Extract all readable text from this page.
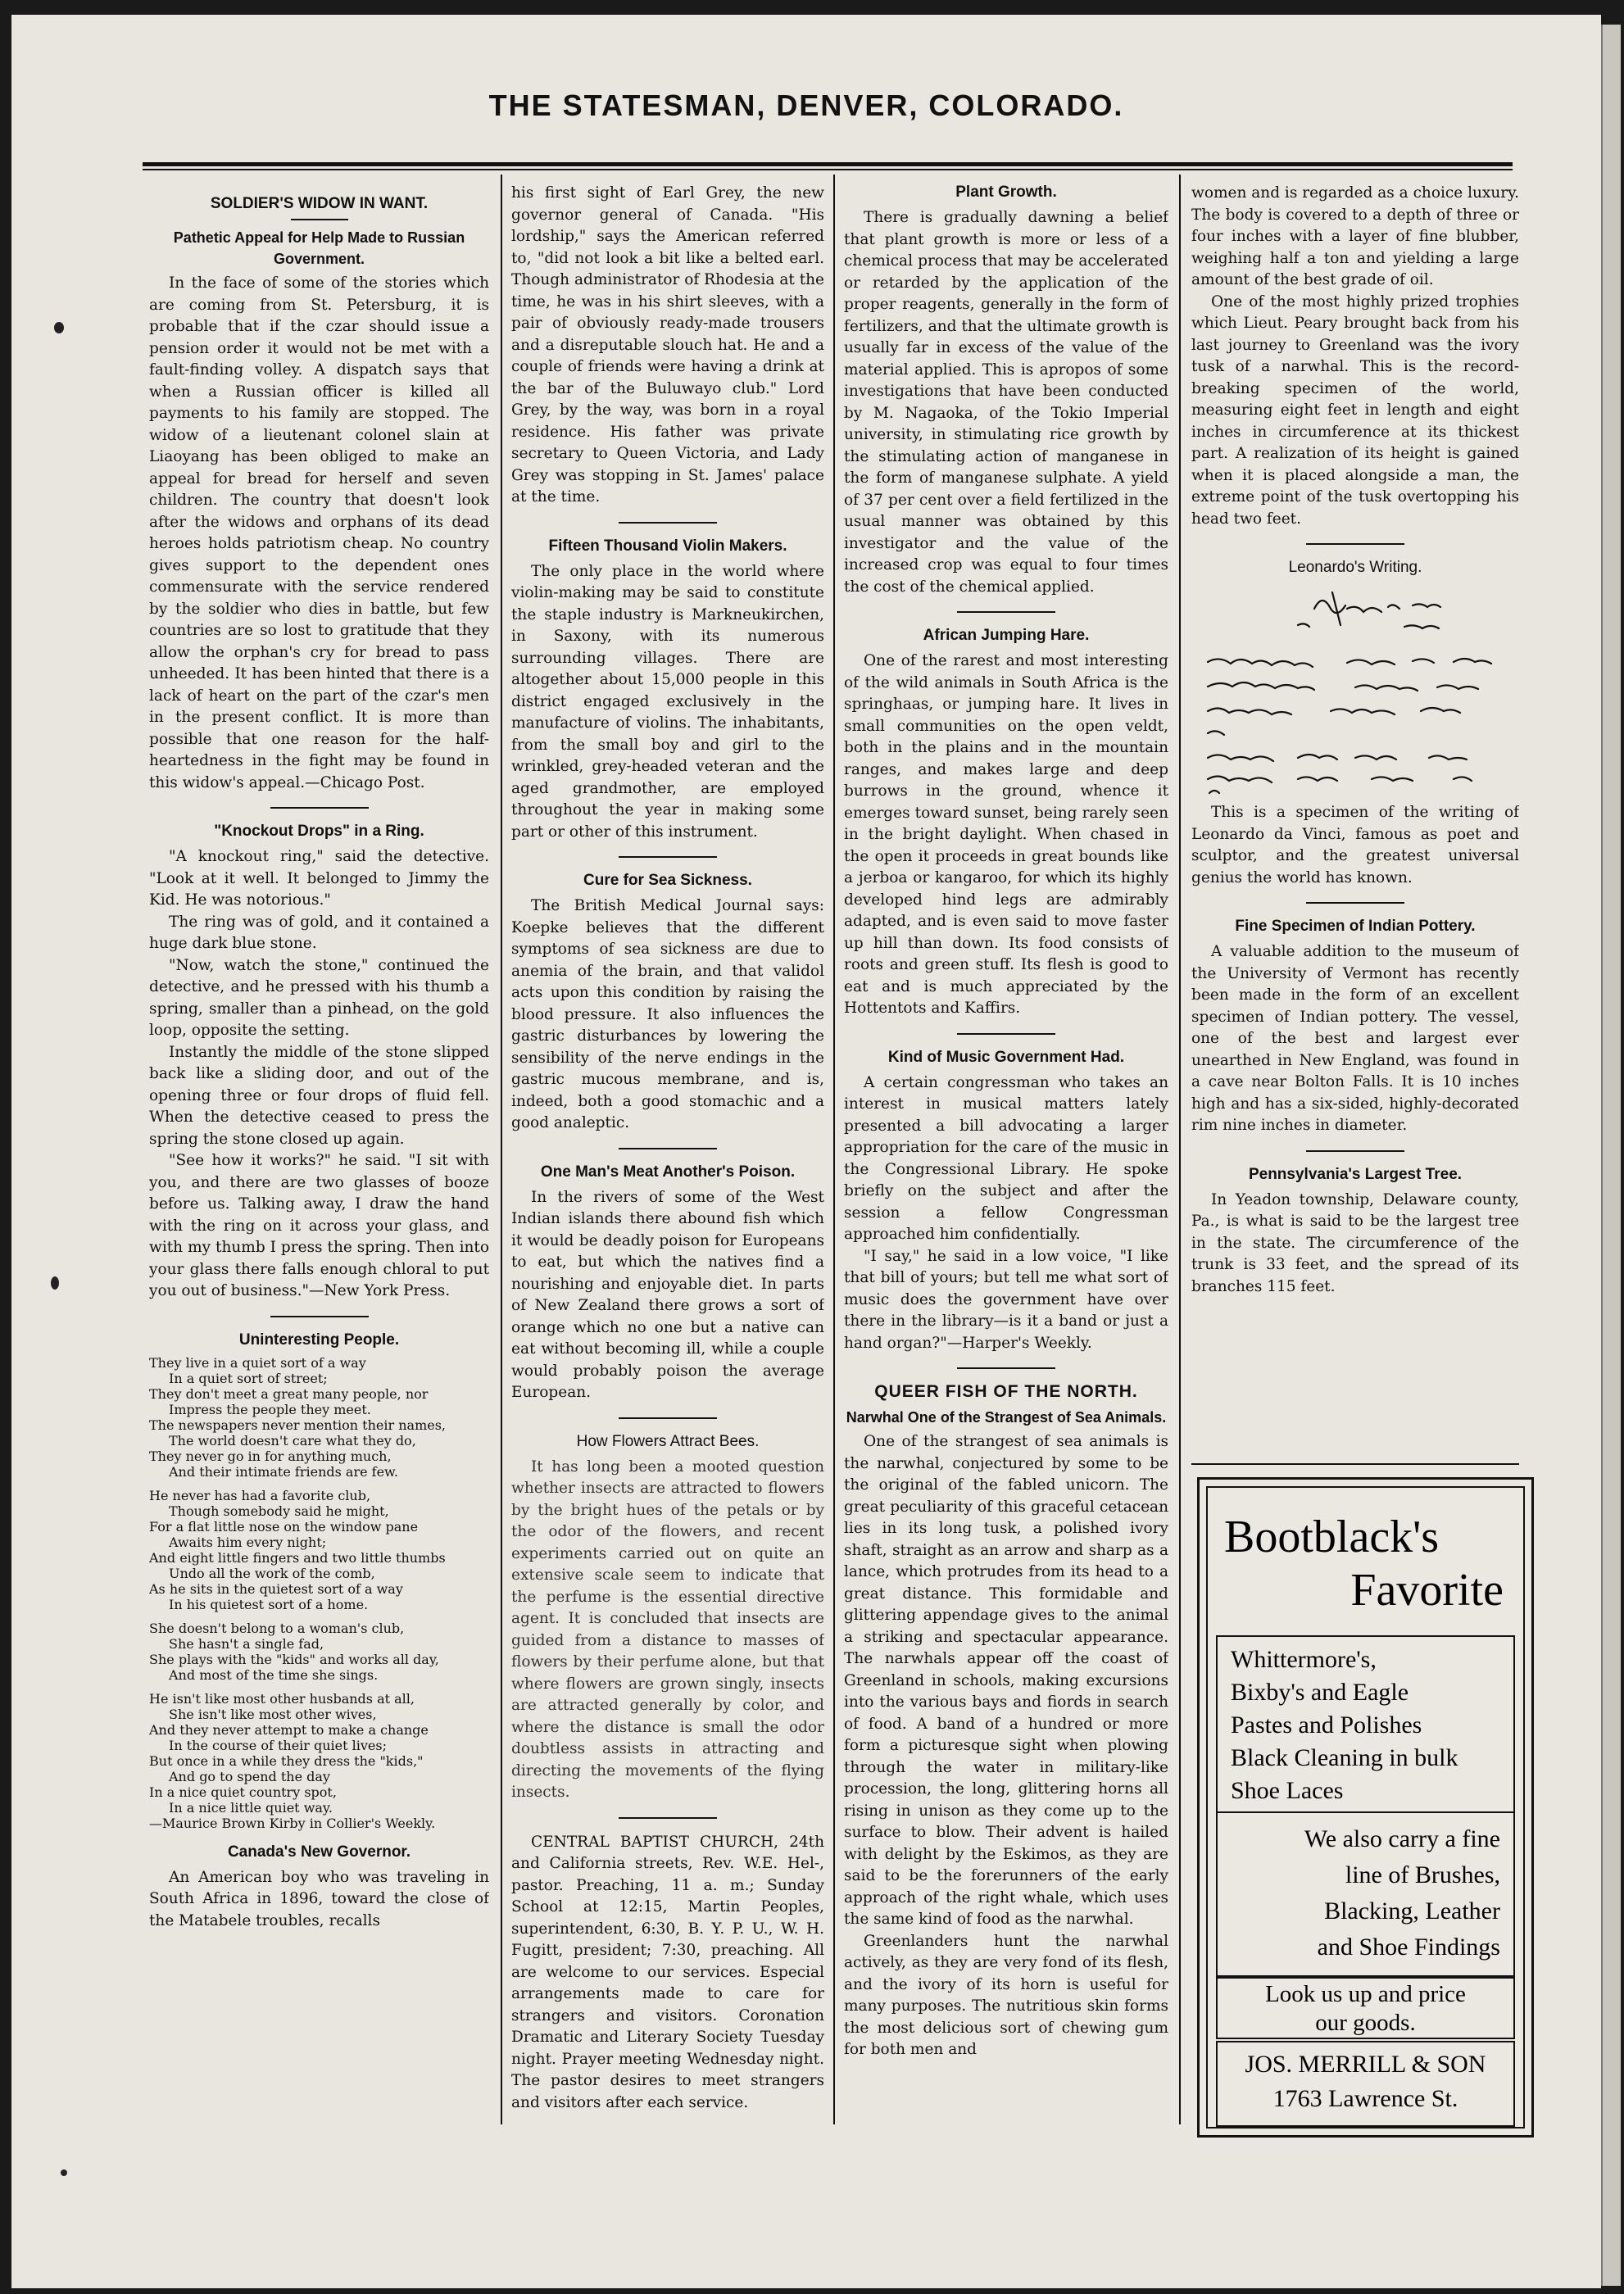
THE STATESMAN, DENVER, COLORADO.
SOLDIER'S WIDOW IN WANT.
Pathetic Appeal for Help Made to Russian Government.

In the face of some of the stories which are coming from St. Petersburg, it is probable that if the czar should issue a pension order it would not be met with a fault-finding volley. A dispatch says that when a Russian officer is killed all payments to his family are stopped. The widow of a lieutenant colonel slain at Liaoyang has been obliged to make an appeal for bread for herself and seven children. The country that doesn't look after the widows and orphans of its dead heroes holds patriotism cheap. No country gives support to the dependent ones commensurate with the service rendered by the soldier who dies in battle, but few countries are so lost to gratitude that they allow the orphan's cry for bread to pass unheeded. It has been hinted that there is a lack of heart on the part of the czar's men in the present conflict. It is more than possible that one reason for the half-heartedness in the fight may be found in this widow's appeal.—Chicago Post.

"Knockout Drops" in a Ring.

"A knockout ring," said the detective. "Look at it well. It belonged to Jimmy the Kid. He was notorious."

The ring was of gold, and it contained a huge dark blue stone.

"Now, watch the stone," continued the detective, and he pressed with his thumb a spring, smaller than a pinhead, on the gold loop, opposite the setting.

Instantly the middle of the stone slipped back like a sliding door, and out of the opening three or four drops of fluid fell. When the detective ceased to press the spring the stone closed up again.

"See how it works?" he said. "I sit with you, and there are two glasses of booze before us. Talking away, I draw the hand with the ring on it across your glass, and with my thumb I press the spring. Then into your glass there falls enough chloral to put you out of business."—New York Press.

Uninteresting People.
They live in a quiet sort of a way
In a quiet sort of street;
They don't meet a great many people, nor
Impress the people they meet.
The newspapers never mention their names,
The world doesn't care what they do,
They never go in for anything much,
And their intimate friends are few.
He never has had a favorite club,
Though somebody said he might,
For a flat little nose on the window pane
Awaits him every night;
And eight little fingers and two little thumbs
Undo all the work of the comb,
As he sits in the quietest sort of a way
In his quietest sort of a home.
She doesn't belong to a woman's club,
She hasn't a single fad,
She plays with the "kids" and works all day,
And most of the time she sings.
He isn't like most other husbands at all,
She isn't like most other wives,
And they never attempt to make a change
In the course of their quiet lives;
But once in a while they dress the "kids,"
And go to spend the day
In a nice quiet country spot,
In a nice little quiet way.
—Maurice Brown Kirby in Collier's Weekly.
Canada's New Governor.

An American boy who was traveling in South Africa in 1896, toward the close of the Matabele troubles, recalls

his first sight of Earl Grey, the new governor general of Canada. "His lordship," says the American referred to, "did not look a bit like a belted earl. Though administrator of Rhodesia at the time, he was in his shirt sleeves, with a pair of obviously ready-made trousers and a disreputable slouch hat. He and a couple of friends were having a drink at the bar of the Buluwayo club." Lord Grey, by the way, was born in a royal residence. His father was private secretary to Queen Victoria, and Lady Grey was stopping in St. James' palace at the time.

Fifteen Thousand Violin Makers.

The only place in the world where violin-making may be said to constitute the staple industry is Markneukirchen, in Saxony, with its numerous surrounding villages. There are altogether about 15,000 people in this district engaged exclusively in the manufacture of violins. The inhabitants, from the small boy and girl to the wrinkled, grey-headed veteran and the aged grandmother, are employed throughout the year in making some part or other of this instrument.

Cure for Sea Sickness.

The British Medical Journal says: Koepke believes that the different symptoms of sea sickness are due to anemia of the brain, and that validol acts upon this condition by raising the blood pressure. It also influences the gastric disturbances by lowering the sensibility of the nerve endings in the gastric mucous membrane, and is, indeed, both a good stomachic and a good analeptic.

One Man's Meat Another's Poison.

In the rivers of some of the West Indian islands there abound fish which it would be deadly poison for Europeans to eat, but which the natives find a nourishing and enjoyable diet. In parts of New Zealand there grows a sort of orange which no one but a native can eat without becoming ill, while a couple would probably poison the average European.

How Flowers Attract Bees.

It has long been a mooted question whether insects are attracted to flowers by the bright hues of the petals or by the odor of the flowers, and recent experiments carried out on quite an extensive scale seem to indicate that the perfume is the essential directive agent. It is concluded that insects are guided from a distance to masses of flowers by their perfume alone, but that where flowers are grown singly, insects are attracted generally by color, and where the distance is small the odor doubtless assists in attracting and directing the movements of the flying insects.

CENTRAL BAPTIST CHURCH, 24th and California streets, Rev. W.E. Hel-, pastor. Preaching, 11 a. m.; Sunday School at 12:15, Martin Peoples, superintendent, 6:30, B. Y. P. U., W. H. Fugitt, president; 7:30, preaching. All are welcome to our services. Especial arrangements made to care for strangers and visitors. Coronation Dramatic and Literary Society Tuesday night. Prayer meeting Wednesday night. The pastor desires to meet strangers and visitors after each service.

Plant Growth.

There is gradually dawning a belief that plant growth is more or less of a chemical process that may be accelerated or retarded by the application of the proper reagents, generally in the form of fertilizers, and that the ultimate growth is usually far in excess of the value of the material applied. This is apropos of some investigations that have been conducted by M. Nagaoka, of the Tokio Imperial university, in stimulating rice growth by the stimulating action of manganese in the form of manganese sulphate. A yield of 37 per cent over a field fertilized in the usual manner was obtained by this investigator and the value of the increased crop was equal to four times the cost of the chemical applied.

African Jumping Hare.

One of the rarest and most interesting of the wild animals in South Africa is the springhaas, or jumping hare. It lives in small communities on the open veldt, both in the plains and in the mountain ranges, and makes large and deep burrows in the ground, whence it emerges toward sunset, being rarely seen in the bright daylight. When chased in the open it proceeds in great bounds like a jerboa or kangaroo, for which its highly developed hind legs are admirably adapted, and is even said to move faster up hill than down. Its food consists of roots and green stuff. Its flesh is good to eat and is much appreciated by the Hottentots and Kaffirs.

Kind of Music Government Had.

A certain congressman who takes an interest in musical matters lately presented a bill advocating a larger appropriation for the care of the music in the Congressional Library. He spoke briefly on the subject and after the session a fellow Congressman approached him confidentially.

"I say," he said in a low voice, "I like that bill of yours; but tell me what sort of music does the government have over there in the library—is it a band or just a hand organ?"—Harper's Weekly.

QUEER FISH OF THE NORTH.
Narwhal One of the Strangest of Sea Animals.

One of the strangest of sea animals is the narwhal, conjectured by some to be the original of the fabled unicorn. The great peculiarity of this graceful cetacean lies in its long tusk, a polished ivory shaft, straight as an arrow and sharp as a lance, which protrudes from its head to a great distance. This formidable and glittering appendage gives to the animal a striking and spectacular appearance. The narwhals appear off the coast of Greenland in schools, making excursions into the various bays and fiords in search of food. A band of a hundred or more form a picturesque sight when plowing through the water in military-like procession, the long, glittering horns all rising in unison as they come up to the surface to blow. Their advent is hailed with delight by the Eskimos, as they are said to be the forerunners of the early approach of the right whale, which uses the same kind of food as the narwhal.

Greenlanders hunt the narwhal actively, as they are very fond of its flesh, and the ivory of its horn is useful for many purposes. The nutritious skin forms the most delicious sort of chewing gum for both men and

women and is regarded as a choice luxury. The body is covered to a depth of three or four inches with a layer of fine blubber, weighing half a ton and yielding a large amount of the best grade of oil.

One of the most highly prized trophies which Lieut. Peary brought back from his last journey to Greenland was the ivory tusk of a narwhal. This is the record-breaking specimen of the world, measuring eight feet in length and eight inches in circumference at its thickest part. A realization of its height is gained when it is placed alongside a man, the extreme point of the tusk overtopping his head two feet.

Leonardo's Writing.

This is a specimen of the writing of Leonardo da Vinci, famous as poet and sculptor, and the greatest universal genius the world has known.

Fine Specimen of Indian Pottery.

A valuable addition to the museum of the University of Vermont has recently been made in the form of an excellent specimen of Indian pottery. The vessel, one of the best and largest ever unearthed in New England, was found in a cave near Bolton Falls. It is 10 inches high and has a six-sided, highly-decorated rim nine inches in diameter.

Pennsylvania's Largest Tree.

In Yeadon township, Delaware county, Pa., is what is said to be the largest tree in the state. The circumference of the trunk is 33 feet, and the spread of its branches 115 feet.

Bootblack's
Favorite
Whittermore's,
Bixby's and Eagle
Pastes and Polishes
Black Cleaning in bulk
Shoe Laces
We also carry a fine
line of Brushes,
Blacking, Leather
and Shoe Findings
Look us up and price
our goods.
JOS. MERRILL & SON
1763 Lawrence St.
